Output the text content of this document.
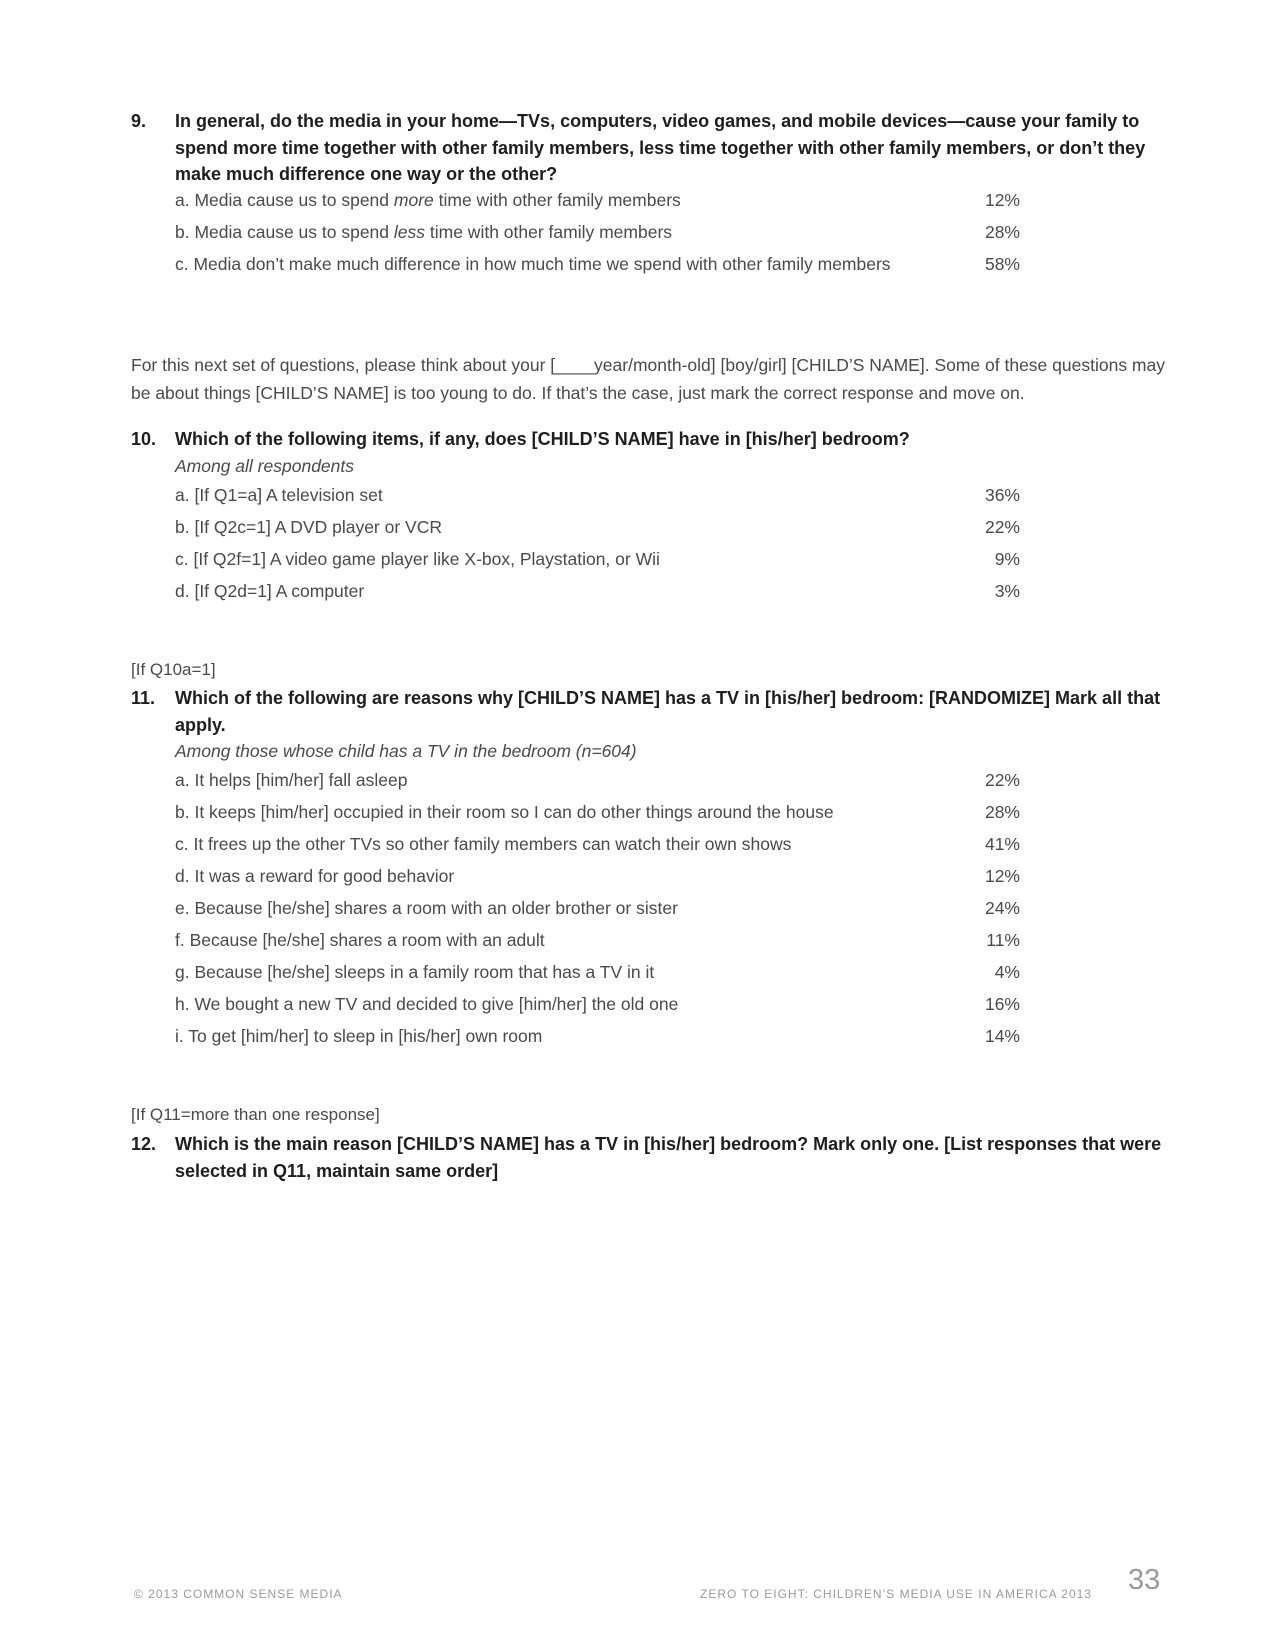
9.	In general, do the media in your home—TVs, computers, video games, and mobile devices—cause your family to spend more time together with other family members, less time together with other family members, or don’t they make much difference one way or the other?
a. Media cause us to spend more time with other family members	12%
b. Media cause us to spend less time with other family members	28%
c. Media don’t make much difference in how much time we spend with other family members	58%
For this next set of questions, please think about your [____year/month-old] [boy/girl] [CHILD’S NAME]. Some of these questions may be about things [CHILD’S NAME] is too young to do. If that’s the case, just mark the correct response and move on.
10.	Which of the following items, if any, does [CHILD’S NAME] have in [his/her] bedroom?
Among all respondents
a. [If Q1=a] A television set	36%
b. [If Q2c=1] A DVD player or VCR	22%
c. [If Q2f=1] A video game player like X-box, Playstation, or Wii	9%
d. [If Q2d=1] A computer	3%
[If Q10a=1]
11.	Which of the following are reasons why [CHILD’S NAME] has a TV in [his/her] bedroom: [RANDOMIZE] Mark all that apply.
Among those whose child has a TV in the bedroom (n=604)
a. It helps [him/her] fall asleep	22%
b. It keeps [him/her] occupied in their room so I can do other things around the house	28%
c. It frees up the other TVs so other family members can watch their own shows	41%
d. It was a reward for good behavior	12%
e. Because [he/she] shares a room with an older brother or sister	24%
f. Because [he/she] shares a room with an adult	11%
g. Because [he/she] sleeps in a family room that has a TV in it	4%
h. We bought a new TV and decided to give [him/her] the old one	16%
i. To get [him/her] to sleep in [his/her] own room	14%
[If Q11=more than one response]
12.	Which is the main reason [CHILD’S NAME] has a TV in [his/her] bedroom? Mark only one. [List responses that were selected in Q11, maintain same order]
© 2013 COMMON SENSE MEDIA	ZERO TO EIGHT: CHILDREN’S MEDIA USE IN AMERICA 2013 33
